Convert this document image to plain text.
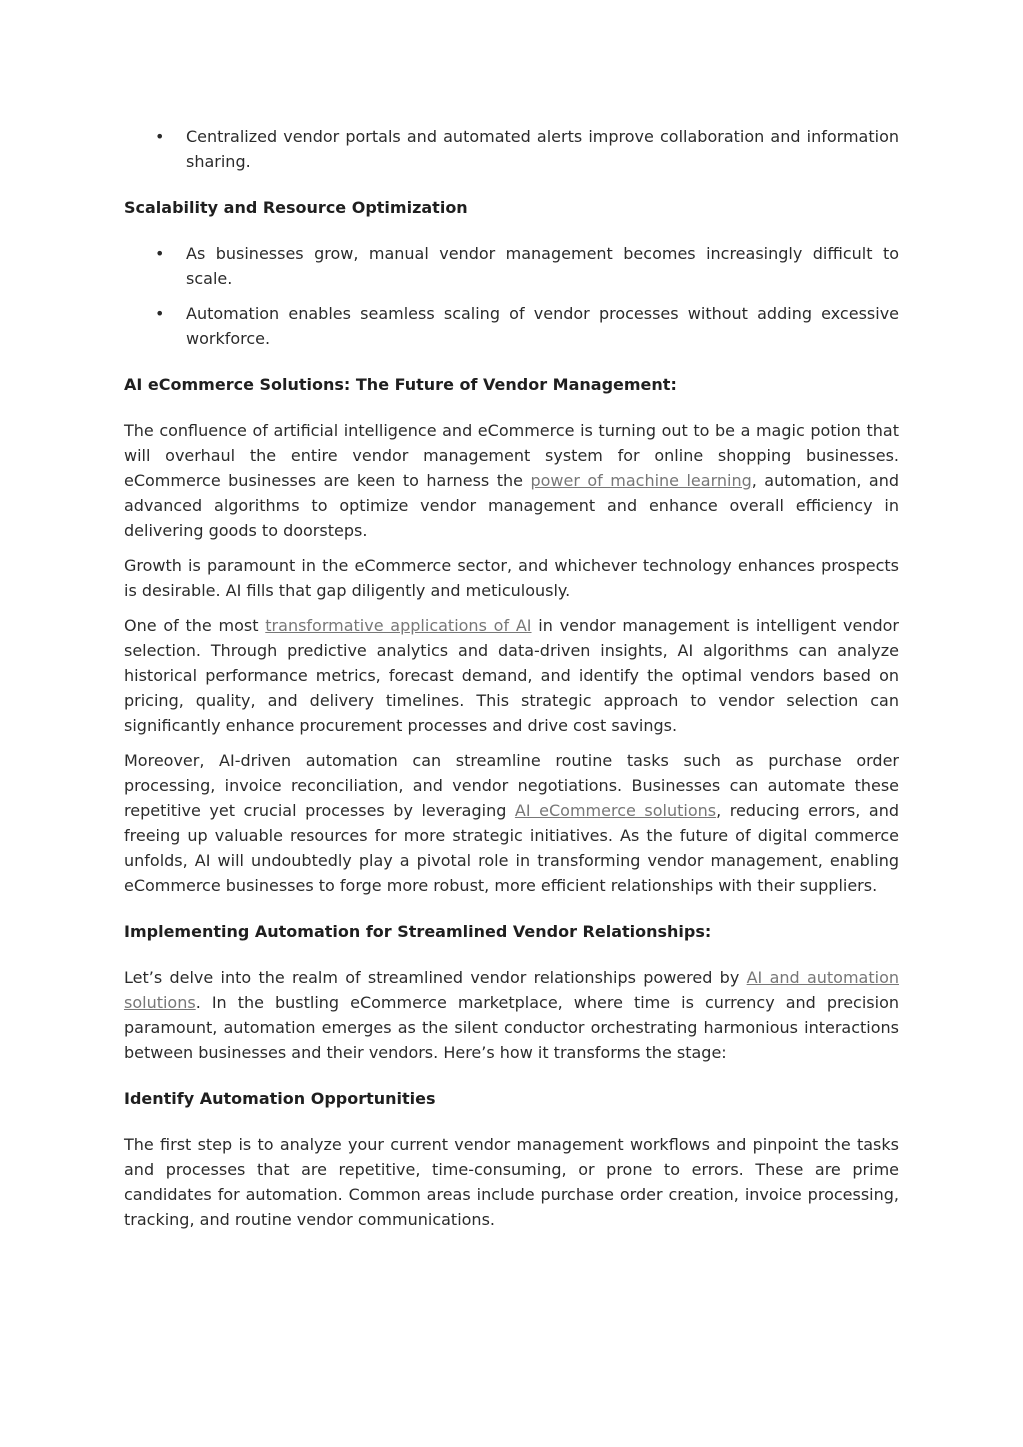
• Centralized vendor portals and automated alerts improve collaboration and information sharing.

Scalability and Resource Optimization

• As businesses grow, manual vendor management becomes increasingly difficult to scale.
• Automation enables seamless scaling of vendor processes without adding excessive workforce.

AI eCommerce Solutions: The Future of Vendor Management:

The confluence of artificial intelligence and eCommerce is turning out to be a magic potion that will overhaul the entire vendor management system for online shopping businesses. eCommerce businesses are keen to harness the power of machine learning, automation, and advanced algorithms to optimize vendor management and enhance overall efficiency in delivering goods to doorsteps.

Growth is paramount in the eCommerce sector, and whichever technology enhances prospects is desirable. AI fills that gap diligently and meticulously.

One of the most transformative applications of AI in vendor management is intelligent vendor selection. Through predictive analytics and data-driven insights, AI algorithms can analyze historical performance metrics, forecast demand, and identify the optimal vendors based on pricing, quality, and delivery timelines. This strategic approach to vendor selection can significantly enhance procurement processes and drive cost savings.

Moreover, AI-driven automation can streamline routine tasks such as purchase order processing, invoice reconciliation, and vendor negotiations. Businesses can automate these repetitive yet crucial processes by leveraging AI eCommerce solutions, reducing errors, and freeing up valuable resources for more strategic initiatives. As the future of digital commerce unfolds, AI will undoubtedly play a pivotal role in transforming vendor management, enabling eCommerce businesses to forge more robust, more efficient relationships with their suppliers.

Implementing Automation for Streamlined Vendor Relationships:

Let’s delve into the realm of streamlined vendor relationships powered by AI and automation solutions. In the bustling eCommerce marketplace, where time is currency and precision paramount, automation emerges as the silent conductor orchestrating harmonious interactions between businesses and their vendors. Here’s how it transforms the stage:

Identify Automation Opportunities

The first step is to analyze your current vendor management workflows and pinpoint the tasks and processes that are repetitive, time-consuming, or prone to errors. These are prime candidates for automation. Common areas include purchase order creation, invoice processing, tracking, and routine vendor communications.
